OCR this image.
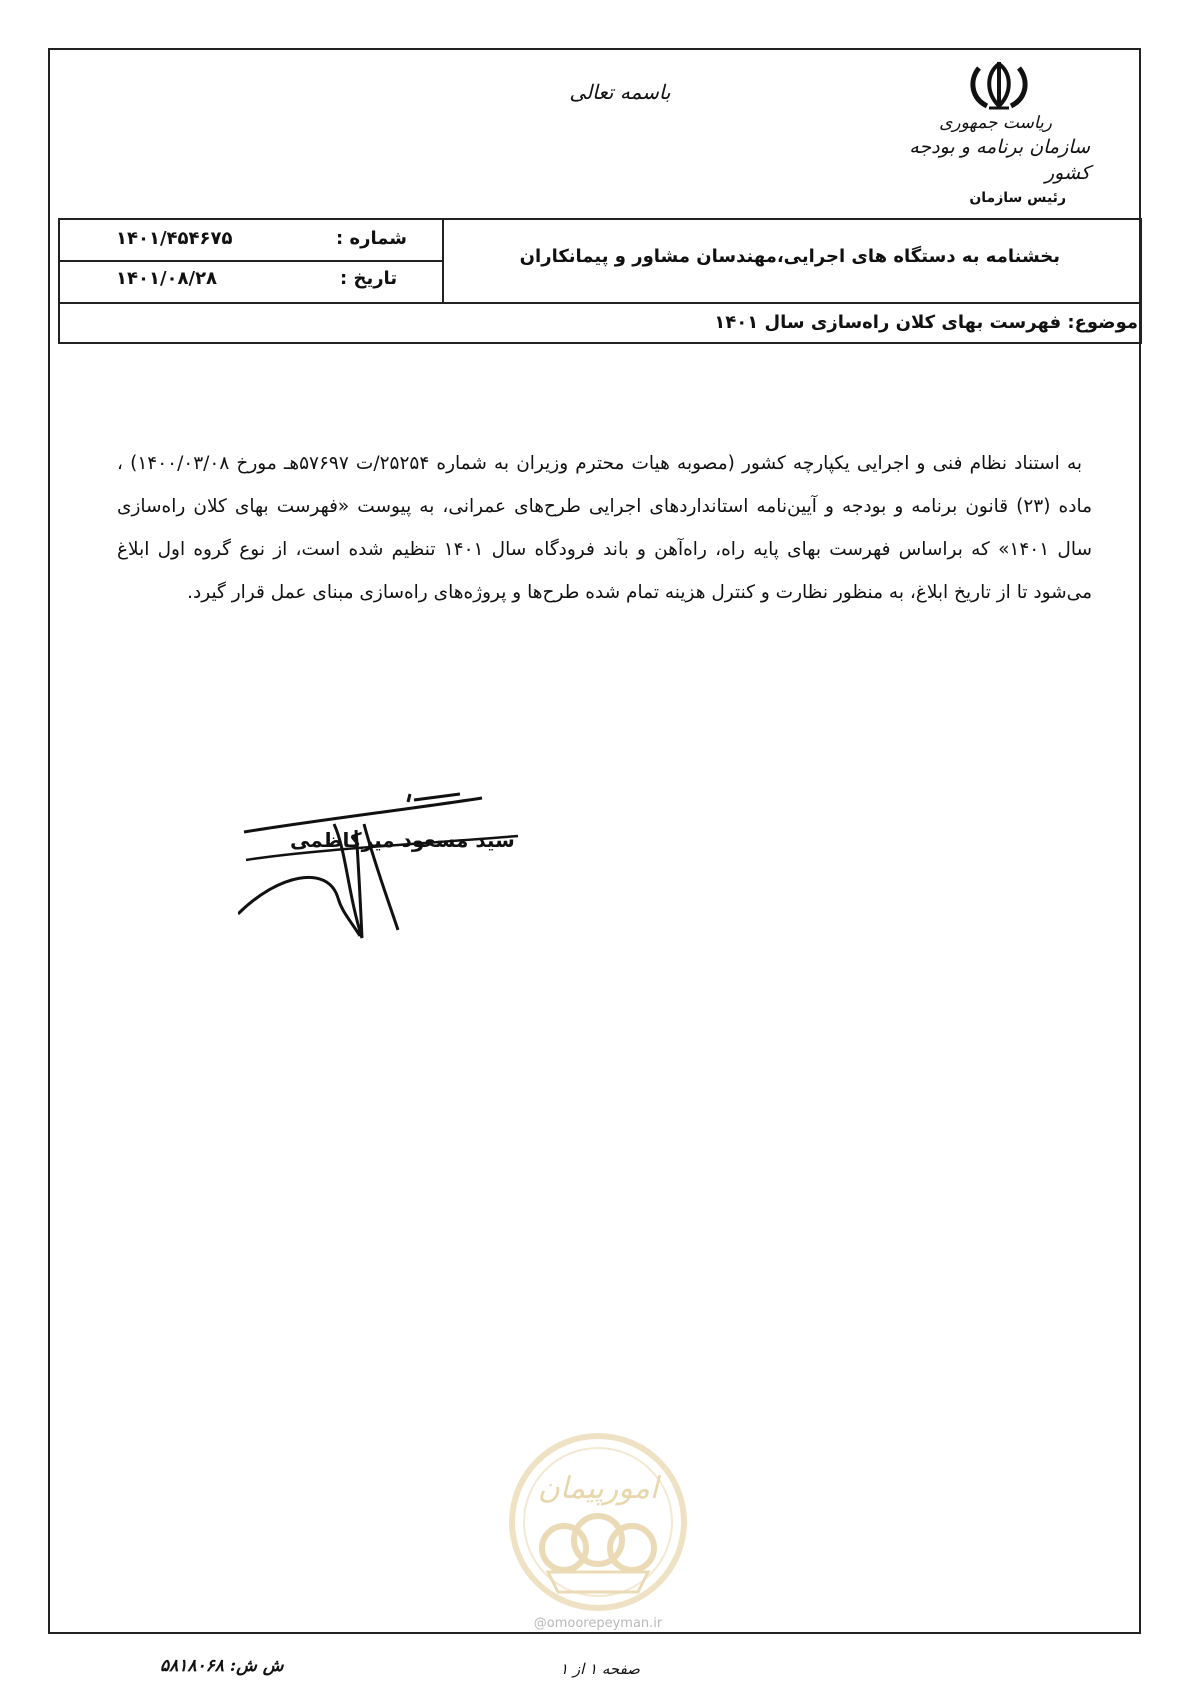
باسمه تعالی
ریاست جمهوری
سازمان برنامه و بودجه کشور
رئیس سازمان
شماره :
۱۴۰۱/۴۵۴۶۷۵
تاریخ :
۱۴۰۱/۰۸/۲۸
بخشنامه به دستگاه های اجرایی،مهندسان مشاور و پیمانکاران
موضوع: فهرست بهای کلان راه‌سازی سال ۱۴۰۱

به استناد نظام فنی و اجرایی یکپارچه کشور (مصوبه هیات محترم وزیران به شماره ۲۵۲۵۴/ت ۵۷۶۹۷هـ مورخ ۱۴۰۰/۰۳/۰۸) ، ماده (۲۳) قانون برنامه و بودجه و آیین‌نامه استانداردهای اجرایی طرح‌های عمرانی، به پیوست «فهرست بهای کلان راه‌سازی سال ۱۴۰۱» که براساس فهرست بهای پایه راه، راه‌آهن و باند فرودگاه سال ۱۴۰۱ تنظیم شده است، از نوع گروه اول ابلاغ می‌شود تا از تاریخ ابلاغ، به منظور نظارت و کنترل هزینه تمام شده طرح‌ها و پروژه‌های راه‌سازی مبنای عمل قرار گیرد.

سید مسعود میرکاظمی
امورپیمان
@omoorepeyman.ir
ش ش: ۵۸۱۸۰۶۸	صفحه ۱ از ۱
